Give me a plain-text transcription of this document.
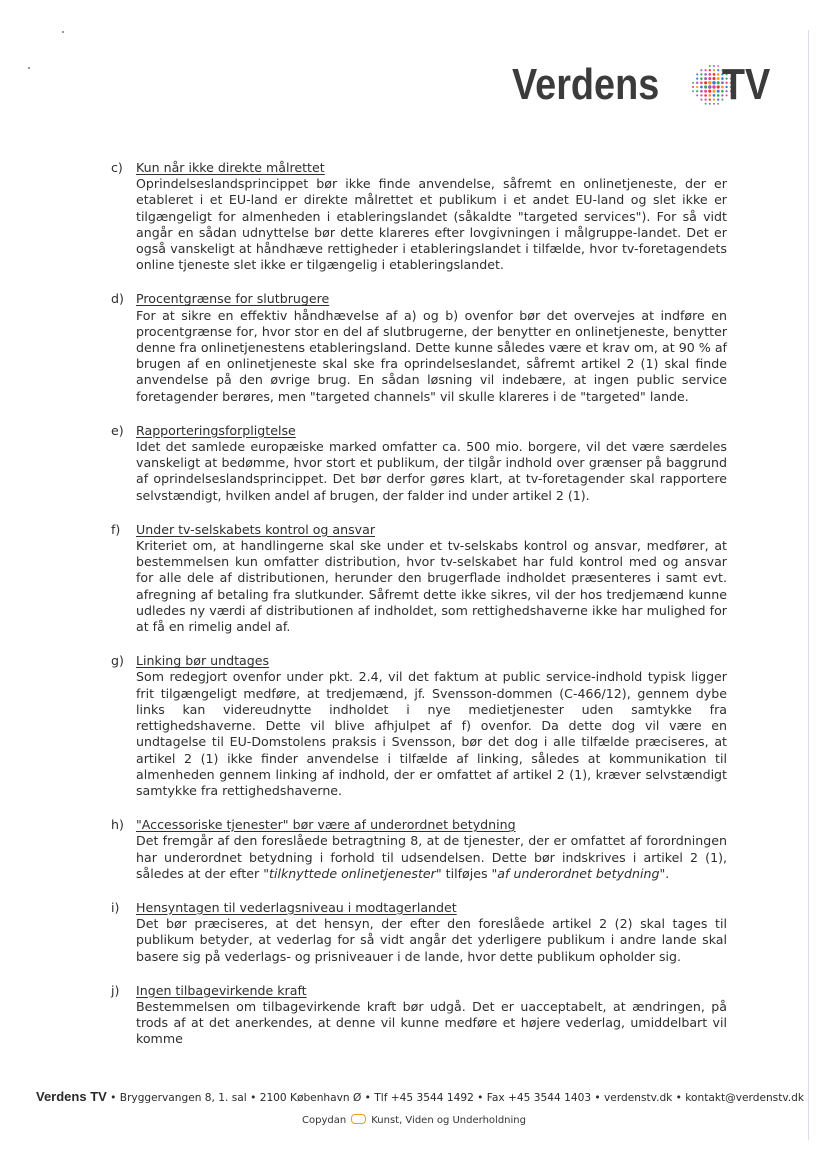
Verdens TV
c)	Kun når ikke direkte målrettet
Oprindelseslandsprincippet bør ikke finde anvendelse, såfremt en onlinetjeneste, der er etableret i et EU-land er direkte målrettet et publikum i et andet EU-land og slet ikke er tilgængeligt for almenheden i etableringslandet (såkaldte "targeted services"). For så vidt angår en sådan udnyttelse bør dette klareres efter lovgivningen i målgruppe-landet. Det er også vanskeligt at håndhæve rettigheder i etableringslandet i tilfælde, hvor tv-foretagendets online tjeneste slet ikke er tilgængelig i etableringslandet.
d) Procentgrænse for slutbrugere
For at sikre en effektiv håndhævelse af a) og b) ovenfor bør det overvejes at indføre en procentgrænse for, hvor stor en del af slutbrugerne, der benytter en onlinetjeneste, benytter denne fra onlinetjenestens etableringsland. Dette kunne således være et krav om, at 90 % af brugen af en onlinetjeneste skal ske fra oprindelseslandet, såfremt artikel 2 (1) skal finde anvendelse på den øvrige brug. En sådan løsning vil indebære, at ingen public service foretagender berøres, men "targeted channels" vil skulle klareres i de "targeted" lande.
e) Rapporteringsforpligtelse
Idet det samlede europæiske marked omfatter ca. 500 mio. borgere, vil det være særdeles vanskeligt at bedømme, hvor stort et publikum, der tilgår indhold over grænser på baggrund af oprindelseslandsprincippet. Det bør derfor gøres klart, at tv-foretagender skal rapportere selvstændigt, hvilken andel af brugen, der falder ind under artikel 2 (1).
f)	Under tv-selskabets kontrol og ansvar
Kriteriet om, at handlingerne skal ske under et tv-selskabs kontrol og ansvar, medfører, at bestemmelsen kun omfatter distribution, hvor tv-selskabet har fuld kontrol med og ansvar for alle dele af distributionen, herunder den brugerflade indholdet præsenteres i samt evt. afregning af betaling fra slutkunder. Såfremt dette ikke sikres, vil der hos tredjemænd kunne udledes ny værdi af distributionen af indholdet, som rettighedshaverne ikke har mulighed for at få en rimelig andel af.
g) Linking bør undtages
Som redegjort ovenfor under pkt. 2.4, vil det faktum at public service-indhold typisk ligger frit tilgængeligt medføre, at tredjemænd, jf. Svensson-dommen (C-466/12), gennem dybe links kan videreudnytte indholdet i nye medietjenester uden samtykke fra rettighedshaverne. Dette vil blive afhjulpet af f) ovenfor. Da dette dog vil være en undtagelse til EU-Domstolens praksis i Svensson, bør det dog i alle tilfælde præciseres, at artikel 2 (1) ikke finder anvendelse i tilfælde af linking, således at kommunikation til almenheden gennem linking af indhold, der er omfattet af artikel 2 (1), kræver selvstændigt samtykke fra rettighedshaverne.
h) "Accessoriske tjenester" bør være af underordnet betydning
Det fremgår af den foreslåede betragtning 8, at de tjenester, der er omfattet af forordningen har underordnet betydning i forhold til udsendelsen. Dette bør indskrives i artikel 2 (1), således at der efter "tilknyttede onlinetjenester" tilføjes "af underordnet betydning".
i)	Hensyntagen til vederlagsniveau i modtagerlandet
Det bør præciseres, at det hensyn, der efter den foreslåede artikel 2 (2) skal tages til publikum betyder, at vederlag for så vidt angår det yderligere publikum i andre lande skal basere sig på vederlags- og prisniveauer i de lande, hvor dette publikum opholder sig.
j)	Ingen tilbagevirkende kraft
Bestemmelsen om tilbagevirkende kraft bør udgå. Det er uacceptabelt, at ændringen, på trods af at det anerkendes, at denne vil kunne medføre et højere vederlag, umiddelbart vil komme
Verdens TV • Bryggervangen 8, 1. sal • 2100 København Ø • Tlf +45 3544 1492 • Fax +45 3544 1403 • verdenstv.dk • kontakt@verdenstv.dk
Copydan	Kunst, Viden og Underholdning
